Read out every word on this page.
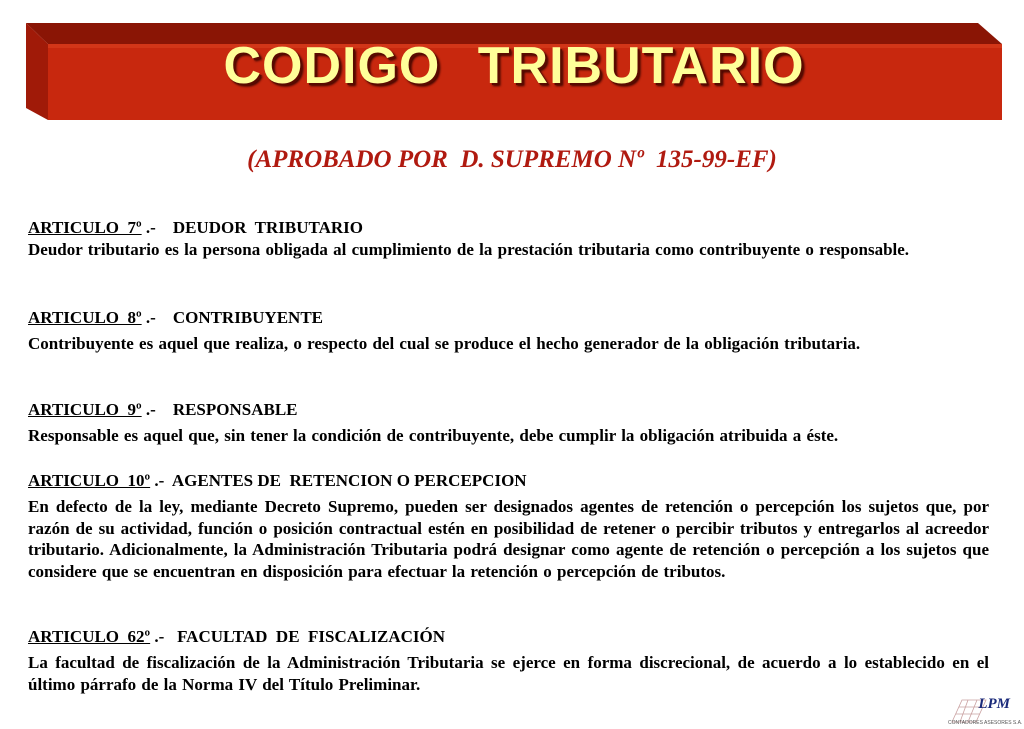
CODIGO TRIBUTARIO
(APROBADO POR  D. SUPREMO Nº  135-99-EF)
ARTICULO  7º .-    DEUDOR  TRIBUTARIO
Deudor tributario es la persona obligada al cumplimiento de la prestación tributaria como contribuyente o responsable.
ARTICULO  8º .-    CONTRIBUYENTE
Contribuyente es aquel que realiza, o respecto del cual se produce el hecho generador de la obligación tributaria.
ARTICULO  9º .-    RESPONSABLE
Responsable es aquel que, sin tener la condición de contribuyente, debe cumplir la obligación atribuida a éste.
ARTICULO  10º .-  AGENTES DE  RETENCION O PERCEPCION
En defecto de la ley, mediante Decreto Supremo, pueden ser designados agentes de retención o percepción los sujetos que, por razón de su actividad, función o posición contractual estén en posibilidad de retener o percibir tributos y entregarlos al acreedor tributario. Adicionalmente, la Administración Tributaria podrá designar como agente de retención o percepción a los sujetos que considere que se encuentran en disposición para efectuar la retención o percepción de tributos.
ARTICULO  62º .-   FACULTAD  DE  FISCALIZACIÓN
La facultad de fiscalización de la Administración Tributaria se ejerce en forma discrecional, de acuerdo a lo establecido en el último párrafo de la Norma IV del Título Preliminar.
LPM
CONTADORES ASESORES S.A.
